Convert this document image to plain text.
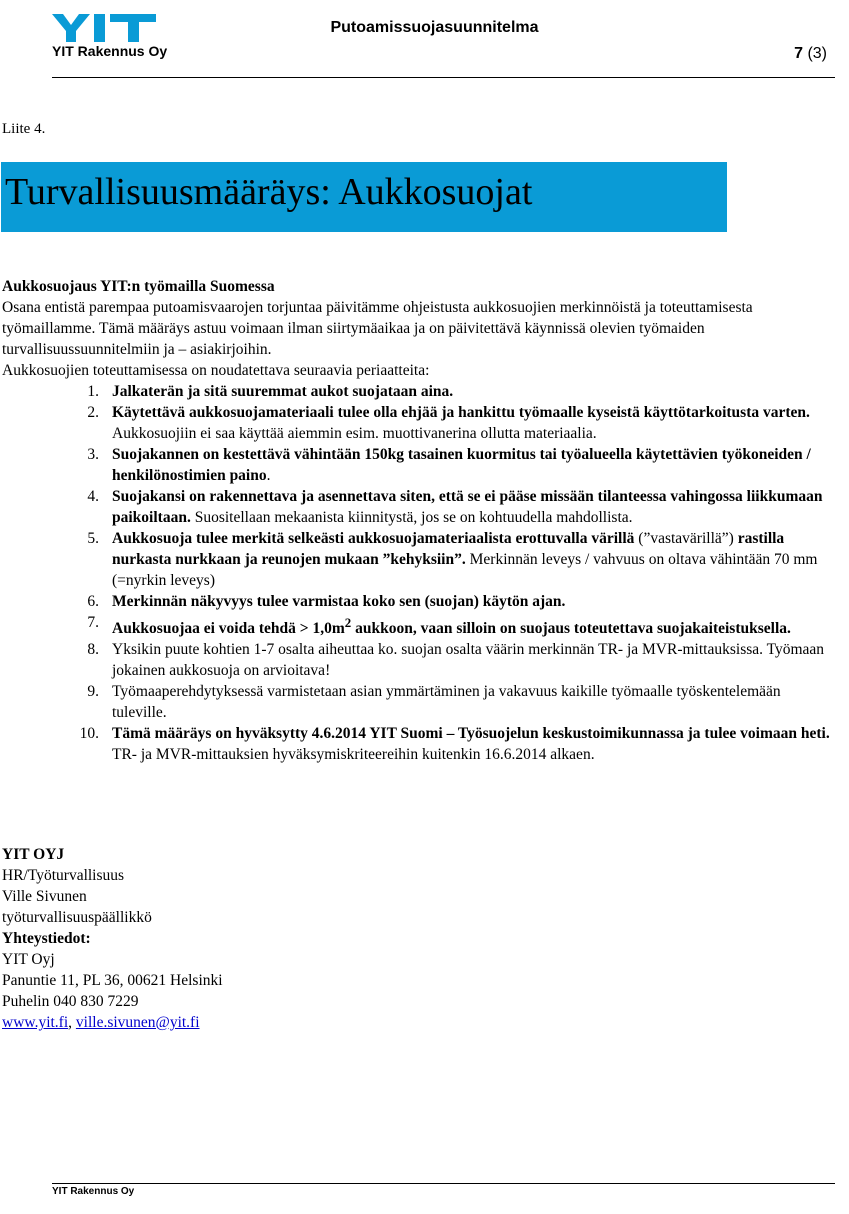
YIT Rakennus Oy
Putoamissuojasuunnitelma
7 (3)
Liite 4.
Turvallisuusmääräys: Aukkosuojat

Aukkosuojaus YIT:n työmailla Suomessa

Osana entistä parempaa putoamisvaarojen torjuntaa päivitämme ohjeistusta aukkosuojien merkinnöistä ja toteuttamisesta työmaillamme. Tämä määräys astuu voimaan ilman siirtymäaikaa ja on päivitettävä käynnissä olevien työmaiden turvallisuussuunnitelmiin ja – asiakirjoihin.

Aukkosuojien toteuttamisessa on noudatettava seuraavia periaatteita:

1. Jalkaterän ja sitä suuremmat aukot suojataan aina.
2. Käytettävä aukkosuojamateriaali tulee olla ehjää ja hankittu työmaalle kyseistä käyttötarkoitusta varten. Aukkosuojiin ei saa käyttää aiemmin esim. muottivanerina ollutta materiaalia.
3. Suojakannen on kestettävä vähintään 150kg tasainen kuormitus tai työalueella käytettävien työkoneiden / henkilönostimien paino.
4. Suojakansi on rakennettava ja asennettava siten, että se ei pääse missään tilanteessa vahingossa liikkumaan paikoiltaan. Suositellaan mekaanista kiinnitystä, jos se on kohtuudella mahdollista.
5. Aukkosuoja tulee merkitä selkeästi aukkosuojamateriaalista erottuvalla värillä (”vastavärillä”) rastilla nurkasta nurkkaan ja reunojen mukaan ”kehyksiin”. Merkinnän leveys / vahvuus on oltava vähintään 70 mm (=nyrkin leveys)
6. Merkinnän näkyvyys tulee varmistaa koko sen (suojan) käytön ajan.
7. Aukkosuojaa ei voida tehdä > $1,0m^2$ aukkoon, vaan silloin on suojaus toteutettava suojakaiteistuksella.
8. Yksikin puute kohtien 1-7 osalta aiheuttaa ko. suojan osalta väärin merkinnän TR- ja MVR-mittauksissa. Työmaan jokainen aukkosuoja on arvioitava!
9. Työmaaperehdytyksessä varmistetaan asian ymmärtäminen ja vakavuus kaikille työmaalle työskentelemään tuleville.
10. Tämä määräys on hyväksytty 4.6.2014 YIT Suomi – Työsuojelun keskustoimikunnassa ja tulee voimaan heti. TR- ja MVR-mittauksien hyväksymiskriteereihin kuitenkin 16.6.2014 alkaen.

YIT OYJ

HR/Työturvallisuus

Ville Sivunen

työturvallisuuspäällikkö

Yhteystiedot:

YIT Oyj

Panuntie 11, PL 36, 00621 Helsinki

Puhelin 040 830 7229

www.yit.fi, ville.sivunen@yit.fi

YIT Rakennus Oy
